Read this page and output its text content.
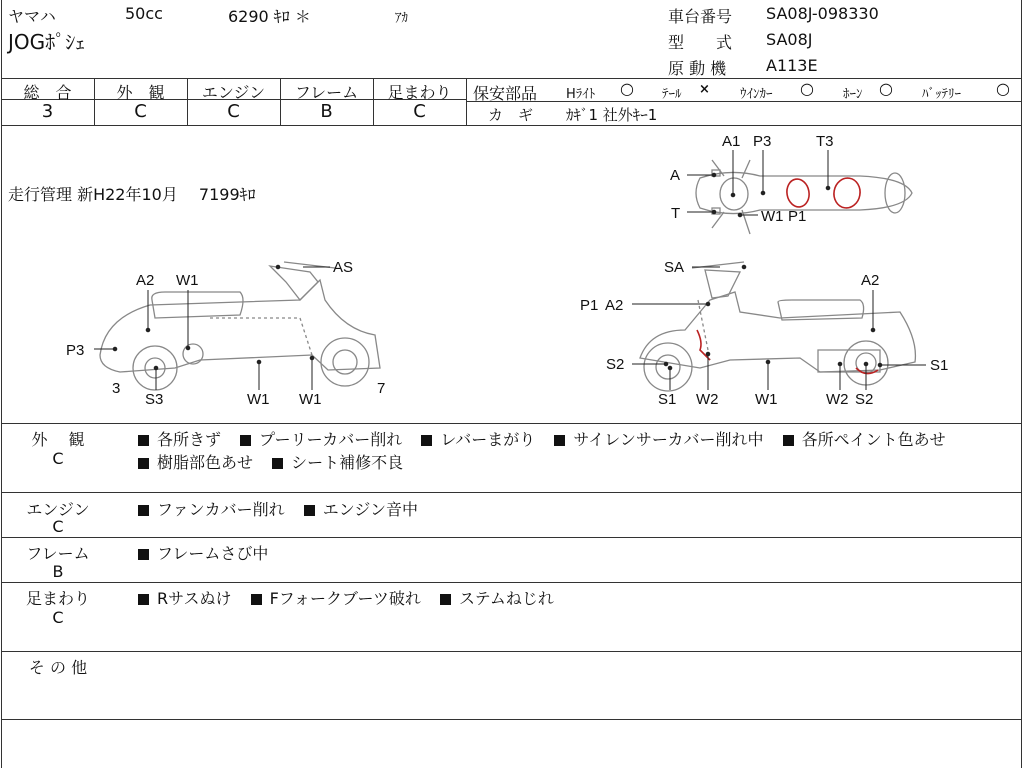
ヤマハ	50cc	6290 ｷﾛ ＊	ｱｶ
JOGﾎﾟｼｪ
車台番号 SA08J-098330
型　　式 SA08J
原 動 機 A113E
総　合	外　観	エンジン	フレーム	足まわり
3	C	C	B	C
保安部品 Hﾗｲﾄ ○ ﾃｰﾙ × ｳｲﾝｶｰ ○ ﾎｰﾝ ○ ﾊﾞｯﾃﾘｰ ○
カ　ギ ｶｷﾞ1 社外ｷｰ1
走行管理 新H22年10月　 7199ｷﾛ
A1 P3	T3
A
T	W1 P1
AS
A2 W1
P3
3
S3	W1 W1
7
SA
A2
P1 A2
S2	S1
S1 W2 W1	W2 S2
外　 観
C
各所きず プーリーカバー削れ レバーまがり サイレンサーカバー削れ中 各所ペイント色あせ
樹脂部色あせ シート補修不良
エンジン
C
ファンカバー削れ エンジン音中
フレーム
B
フレームさび中
足まわり
C
Rサスぬけ Fフォークブーツ破れ ステムねじれ
そ の 他
